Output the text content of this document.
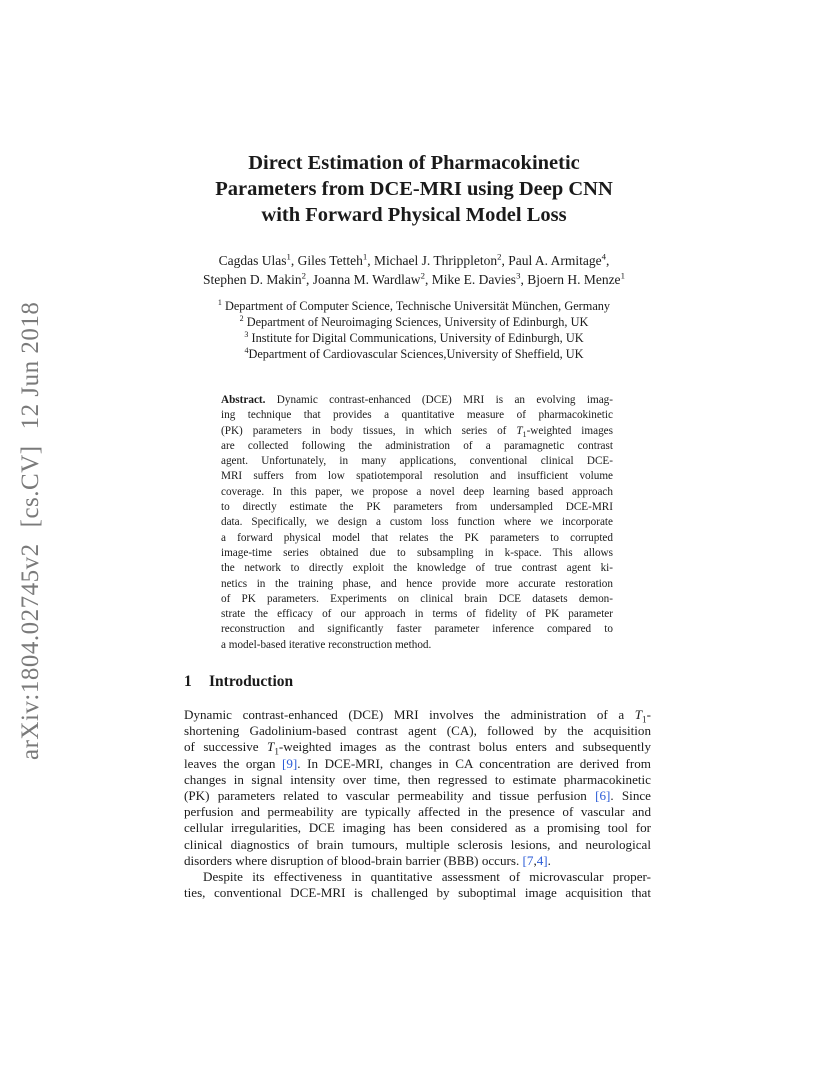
arXiv:1804.02745v2[cs.CV]12 Jun 2018
Direct Estimation of Pharmacokinetic
Parameters from DCE-MRI using Deep CNN
with Forward Physical Model Loss
Cagdas Ulas$^1$, Giles Tetteh$^1$, Michael J. Thrippleton$^2$, Paul A. Armitage$^4$,
Stephen D. Makin$^2$, Joanna M. Wardlaw$^2$, Mike E. Davies$^3$, Bjoern H. Menze$^1$
$^1$ Department of Computer Science, Technische Universität München, Germany
$^2$ Department of Neuroimaging Sciences, University of Edinburgh, UK
$^3$ Institute for Digital Communications, University of Edinburgh, UK
$^4$Department of Cardiovascular Sciences,University of Sheffield, UK
Abstract. Dynamic contrast-enhanced (DCE) MRI is an evolving imag-
ing technique that provides a quantitative measure of pharmacokinetic
(PK) parameters in body tissues, in which series of $T_1$-weighted images
are collected following the administration of a paramagnetic contrast
agent. Unfortunately, in many applications, conventional clinical DCE-
MRI suffers from low spatiotemporal resolution and insufficient volume
coverage. In this paper, we propose a novel deep learning based approach
to directly estimate the PK parameters from undersampled DCE-MRI
data. Specifically, we design a custom loss function where we incorporate
a forward physical model that relates the PK parameters to corrupted
image-time series obtained due to subsampling in k-space. This allows
the network to directly exploit the knowledge of true contrast agent ki-
netics in the training phase, and hence provide more accurate restoration
of PK parameters. Experiments on clinical brain DCE datasets demon-
strate the efficacy of our approach in terms of fidelity of PK parameter
reconstruction and significantly faster parameter inference compared to
a model-based iterative reconstruction method.
1 Introduction
Dynamic contrast-enhanced (DCE) MRI involves the administration of a $T_1-$
shortening Gadolinium-based contrast agent (CA), followed by the acquisition
of successive $T_1$-weighted images as the contrast bolus enters and subsequently
leaves the organ [9]. In DCE-MRI, changes in CA concentration are derived from
changes in signal intensity over time, then regressed to estimate pharmacokinetic
(PK) parameters related to vascular permeability and tissue perfusion [6]. Since
perfusion and permeability are typically affected in the presence of vascular and
cellular irregularities, DCE imaging has been considered as a promising tool for
clinical diagnostics of brain tumours, multiple sclerosis lesions, and neurological
disorders where disruption of blood-brain barrier (BBB) occurs. [7,4].
Despite its effectiveness in quantitative assessment of microvascular proper-
ties, conventional DCE-MRI is challenged by suboptimal image acquisition that
